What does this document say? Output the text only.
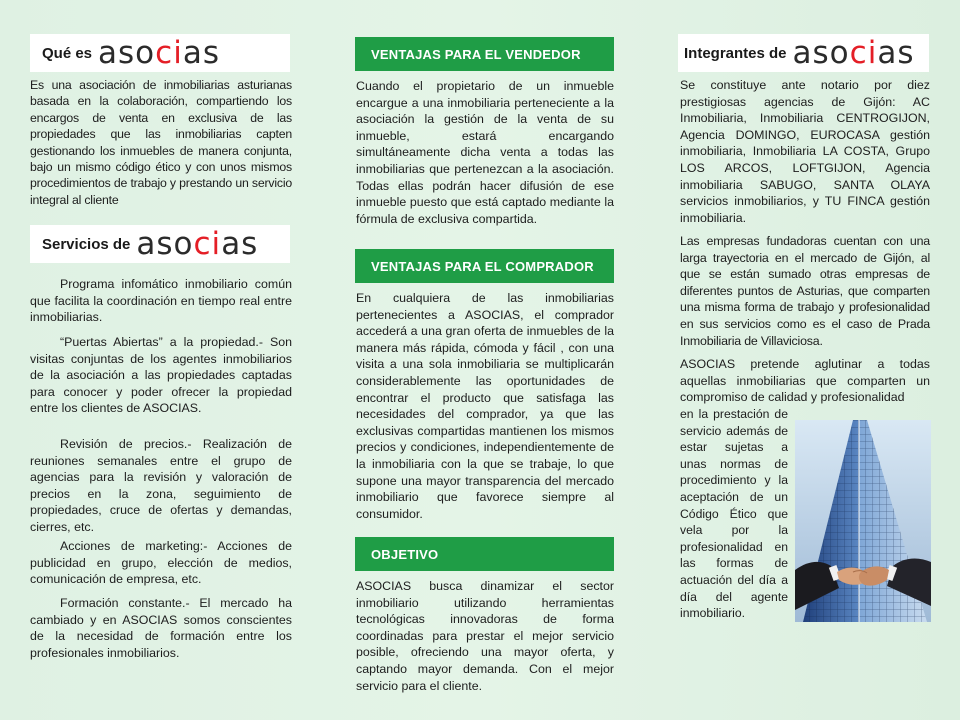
Qué es asocias

Es una asociación de inmobiliarias asturianas basada en la colaboración, compartiendo los encargos de venta en exclusiva de las propiedades que las inmobiliarias capten gestionando los inmuebles de manera conjunta, bajo un mismo código ético y con unos mismos procedimientos de trabajo y prestando un servicio integral al cliente

Servicios de asocias

Programa infomático inmobiliario común que facilita la coordinación en tiempo real entre inmobiliarias.

“Puertas Abiertas” a la propiedad.- Son visitas conjuntas de los agentes inmobiliarios de la asociación a las propiedades captadas para conocer y poder ofrecer la propiedad entre los clientes de ASOCIAS.

Revisión de precios.- Realización de reuniones semanales entre el grupo de agencias para la revisión y valoración de precios en la zona, seguimiento de propiedades, cruce de ofertas y demandas, cierres, etc.

Acciones de marketing:- Acciones de publicidad en grupo, elección de medios, comunicación de empresa, etc.

Formación constante.- El mercado ha cambiado y en ASOCIAS somos conscientes de la necesidad de formación entre los profesionales inmobiliarios.

VENTAJAS PARA EL VENDEDOR

Cuando el propietario de un inmueble encargue a una inmobiliaria perteneciente a la asociación la gestión de la venta de su inmueble, estará encargando simultáneamente dicha venta a todas las inmobiliarias que pertenezcan a la asociación. Todas ellas podrán hacer difusión de ese inmueble puesto que está captado mediante la fórmula de exclusiva compartida.

VENTAJAS PARA EL COMPRADOR

En cualquiera de las inmobiliarias pertenecientes a ASOCIAS, el comprador accederá a una gran oferta de inmuebles de la manera más rápida, cómoda y fácil , con una visita a una sola inmobiliaria se multiplicarán considerablemente las oportunidades de encontrar el producto que satisfaga las necesidades del comprador, ya que las exclusivas compartidas mantienen los mismos precios y condiciones, independientemente de la inmobiliaria con la que se trabaje, lo que supone una mayor transparencia del mercado inmobiliario que favorece siempre al consumidor.

OBJETIVO

ASOCIAS busca dinamizar el sector inmobiliario utilizando herramientas tecnológicas innovadoras de forma coordinadas para prestar el mejor servicio posible, ofreciendo una mayor oferta, y captando mayor demanda. Con el mejor servicio para el cliente.

Integrantes de asocias

Se constituye ante notario por diez prestigiosas agencias de Gijón: AC Inmobiliaria, Inmobiliaria CENTROGIJON, Agencia DOMINGO, EUROCASA gestión inmobiliaria, Inmobiliaria LA COSTA, Grupo LOS ARCOS, LOFTGIJON, Agencia inmobiliaria SABUGO, SANTA OLAYA servicios inmobiliarios, y TU FINCA gestión inmobiliaria.

Las empresas fundadoras cuentan con una larga trayectoria en el mercado de Gijón, al que se están sumado otras empresas de diferentes puntos de Asturias, que comparten una misma forma de trabajo y profesionalidad en sus servicios como es el caso de Prada Inmobiliaria de Villaviciosa.

ASOCIAS pretende aglutinar a todas aquellas inmobiliarias que comparten un compromiso de calidad y profesionalidad

en la prestación de servicio además de estar sujetas a unas normas de procedimiento y la aceptación de un Código Ético que vela por la profesionalidad en las formas de actuación del día a día del agente inmobiliario.
